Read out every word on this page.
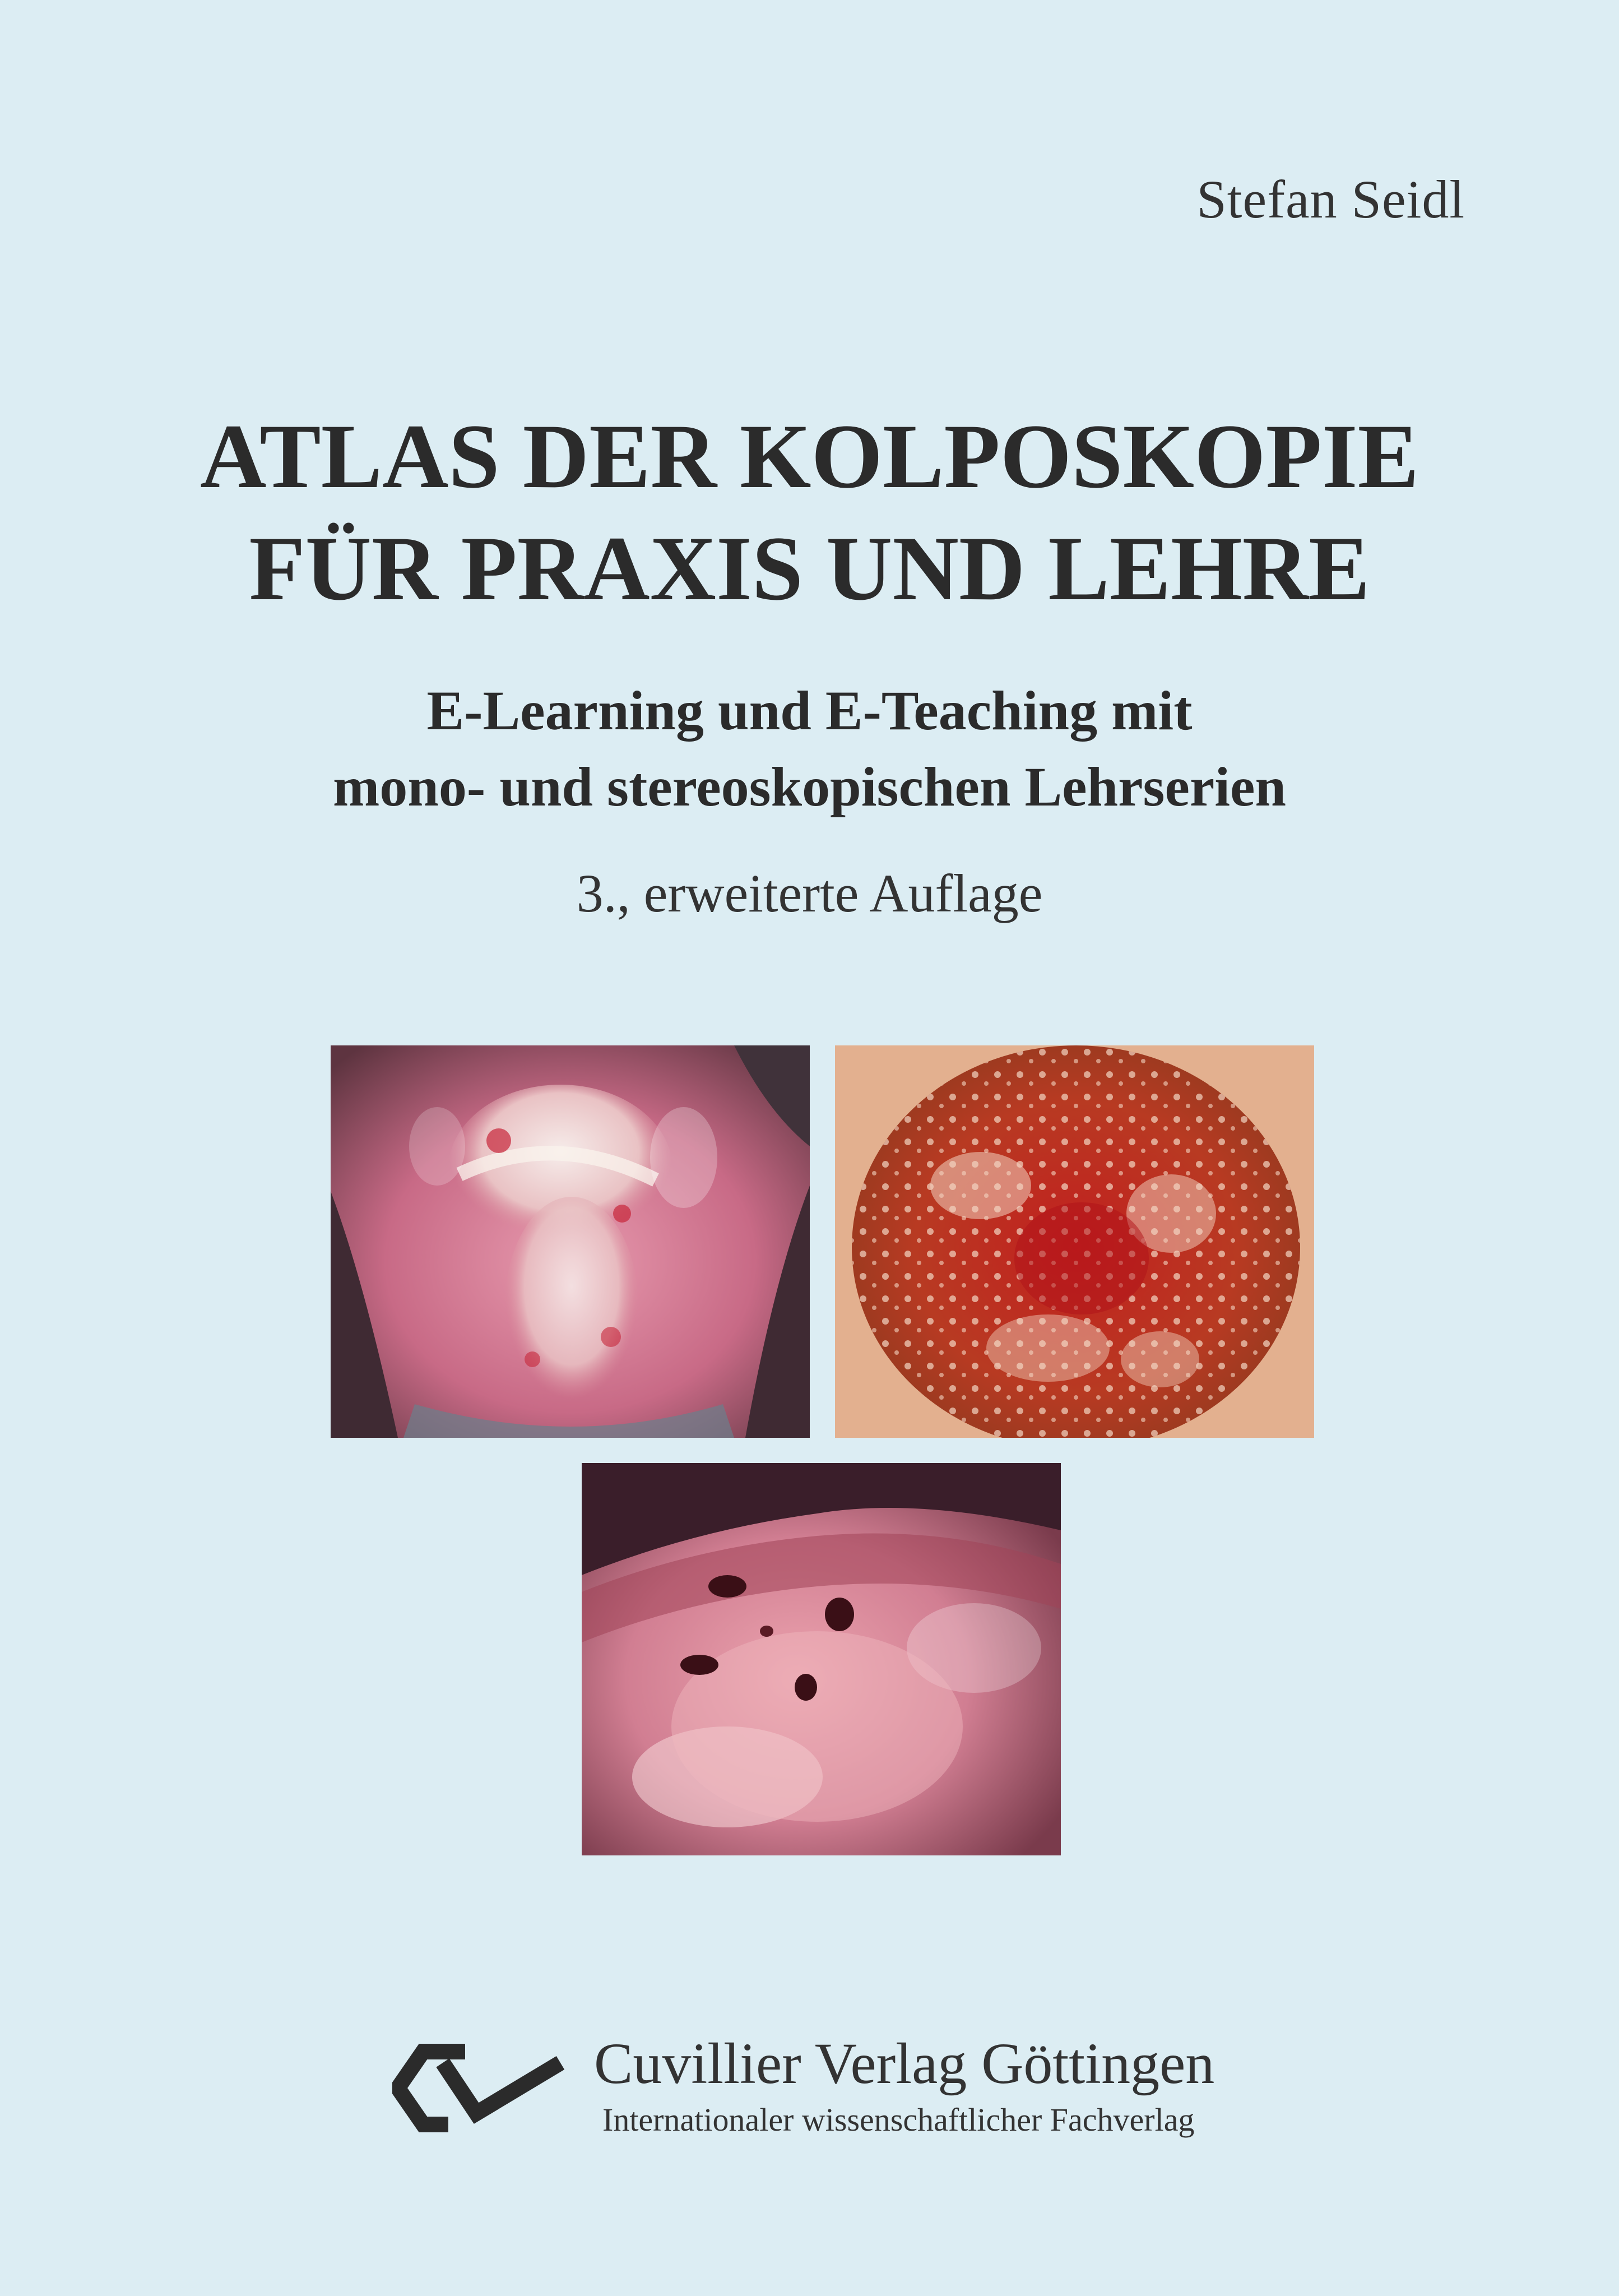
Stefan Seidl
ATLAS DER KOLPOSKOPIE
FÜR PRAXIS UND LEHRE
E-Learning und E-Teaching mit
mono- und stereoskopischen Lehrserien
3., erweiterte Auflage
Cuvillier Verlag Göttingen
Internationaler wissenschaftlicher Fachverlag
